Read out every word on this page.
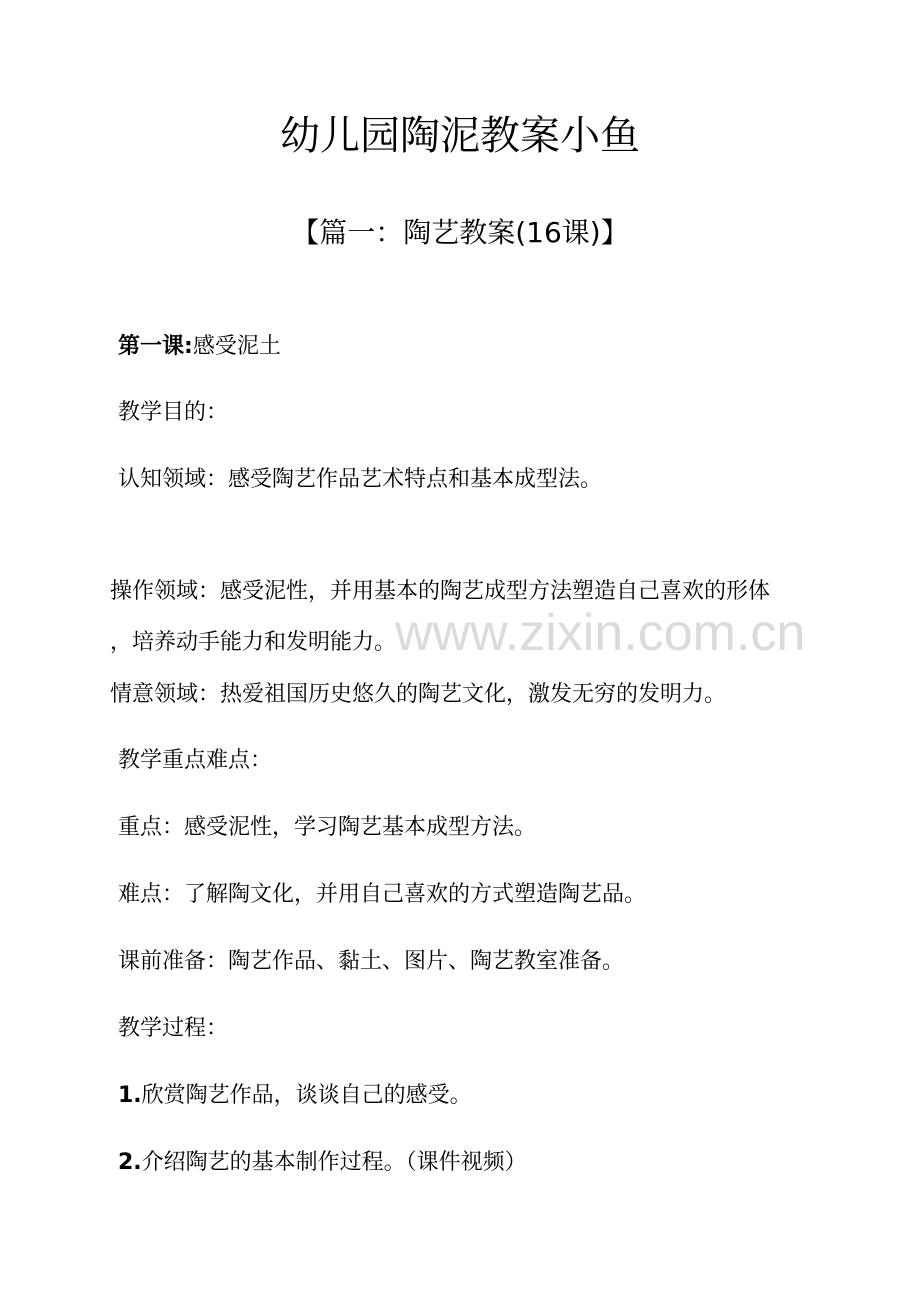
幼儿园陶泥教案小鱼
【篇一：陶艺教案(16课)】

第一课:感受泥土

教学目的：

认知领域：感受陶艺作品艺术特点和基本成型法。

操作领域：感受泥性，并用基本的陶艺成型方法塑造自己喜欢的形体

，培养动手能力和发明能力。

www.zixin.com.cn

情意领域：热爱祖国历史悠久的陶艺文化，激发无穷的发明力。

教学重点难点：

重点：感受泥性，学习陶艺基本成型方法。

难点：了解陶文化，并用自己喜欢的方式塑造陶艺品。

课前准备：陶艺作品、黏土、图片、陶艺教室准备。

教学过程：

1.欣赏陶艺作品，谈谈自己的感受。

2.介绍陶艺的基本制作过程。（课件视频）
